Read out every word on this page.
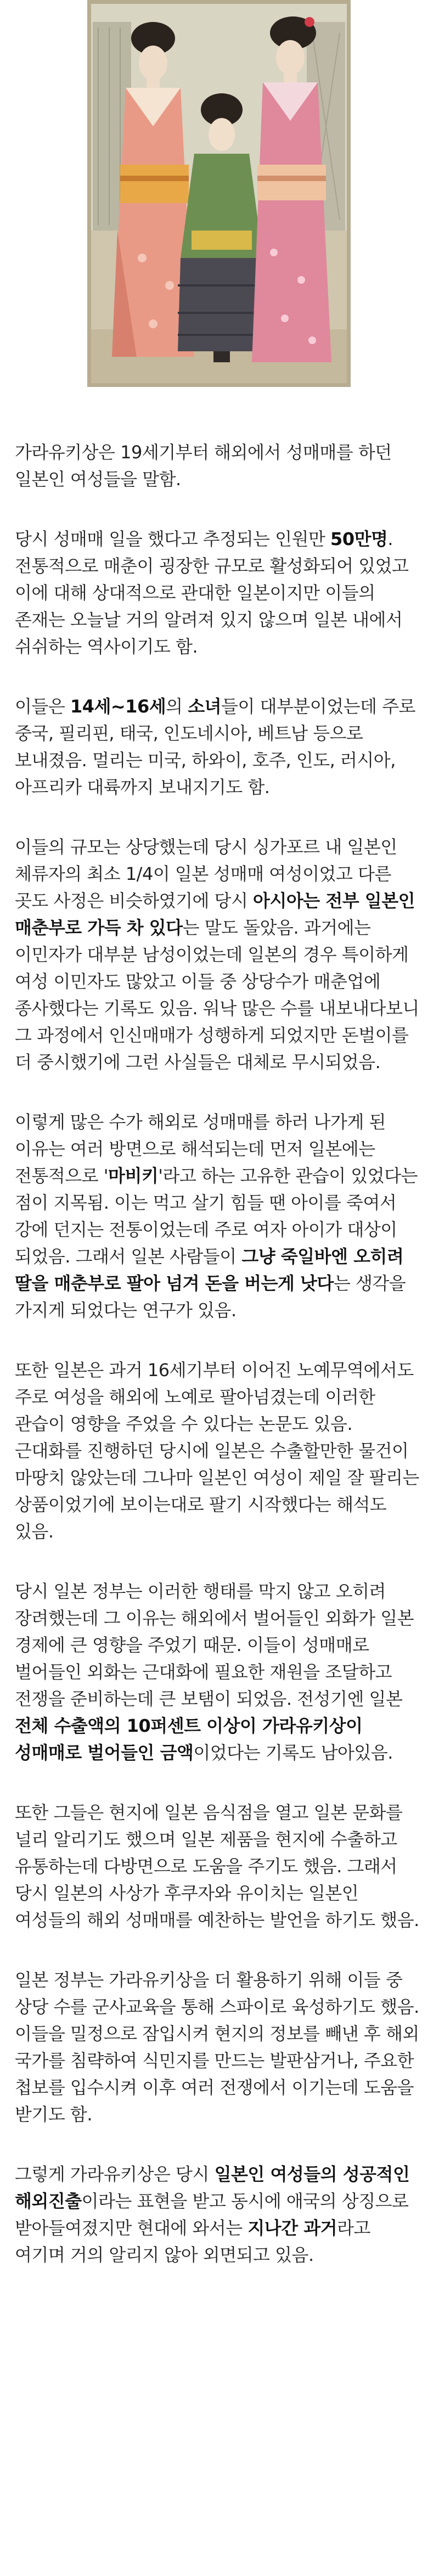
가라유키상은 19세기부터 해외에서 성매매를 하던 일본인 여성들을 말함.

당시 성매매 일을 했다고 추정되는 인원만 50만명. 전통적으로 매춘이 굉장한 규모로 활성화되어 있었고 이에 대해 상대적으로 관대한 일본이지만 이들의 존재는 오늘날 거의 알려져 있지 않으며 일본 내에서 쉬쉬하는 역사이기도 함.

이들은 14세~16세의 소녀들이 대부분이었는데 주로 중국, 필리핀, 태국, 인도네시아, 베트남 등으로 보내졌음. 멀리는 미국, 하와이, 호주, 인도, 러시아, 아프리카 대륙까지 보내지기도 함.

이들의 규모는 상당했는데 당시 싱가포르 내 일본인 체류자의 최소 1/4이 일본 성매매 여성이었고 다른 곳도 사정은 비슷하였기에 당시 아시아는 전부 일본인 매춘부로 가득 차 있다는 말도 돌았음. 과거에는 이민자가 대부분 남성이었는데 일본의 경우 특이하게 여성 이민자도 많았고 이들 중 상당수가 매춘업에 종사했다는 기록도 있음. 워낙 많은 수를 내보내다보니 그 과정에서 인신매매가 성행하게 되었지만 돈벌이를 더 중시했기에 그런 사실들은 대체로 무시되었음.

이렇게 많은 수가 해외로 성매매를 하러 나가게 된 이유는 여러 방면으로 해석되는데 먼저 일본에는 전통적으로 '마비키'라고 하는 고유한 관습이 있었다는 점이 지목됨. 이는 먹고 살기 힘들 땐 아이를 죽여서 강에 던지는 전통이었는데 주로 여자 아이가 대상이 되었음. 그래서 일본 사람들이 그냥 죽일바엔 오히려 딸을 매춘부로 팔아 넘겨 돈을 버는게 낫다는 생각을 가지게 되었다는 연구가 있음.

또한 일본은 과거 16세기부터 이어진 노예무역에서도 주로 여성을 해외에 노예로 팔아넘겼는데 이러한 관습이 영향을 주었을 수 있다는 논문도 있음. 근대화를 진행하던 당시에 일본은 수출할만한 물건이 마땅치 않았는데 그나마 일본인 여성이 제일 잘 팔리는 상품이었기에 보이는대로 팔기 시작했다는 해석도 있음.

당시 일본 정부는 이러한 행태를 막지 않고 오히려 장려했는데 그 이유는 해외에서 벌어들인 외화가 일본 경제에 큰 영향을 주었기 때문. 이들이 성매매로 벌어들인 외화는 근대화에 필요한 재원을 조달하고 전쟁을 준비하는데 큰 보탬이 되었음. 전성기엔 일본 전체 수출액의 10퍼센트 이상이 가라유키상이 성매매로 벌어들인 금액이었다는 기록도 남아있음.

또한 그들은 현지에 일본 음식점을 열고 일본 문화를 널리 알리기도 했으며 일본 제품을 현지에 수출하고 유통하는데 다방면으로 도움을 주기도 했음. 그래서 당시 일본의 사상가 후쿠자와 유이치는 일본인 여성들의 해외 성매매를 예찬하는 발언을 하기도 했음.

일본 정부는 가라유키상을 더 활용하기 위해 이들 중 상당 수를 군사교육을 통해 스파이로 육성하기도 했음. 이들을 밀정으로 잠입시켜 현지의 정보를 빼낸 후 해외 국가를 침략하여 식민지를 만드는 발판삼거나, 주요한 첩보를 입수시켜 이후 여러 전쟁에서 이기는데 도움을 받기도 함.

그렇게 가라유키상은 당시 일본인 여성들의 성공적인 해외진출이라는 표현을 받고 동시에 애국의 상징으로 받아들여졌지만 현대에 와서는 지나간 과거라고 여기며 거의 알리지 않아 외면되고 있음.
